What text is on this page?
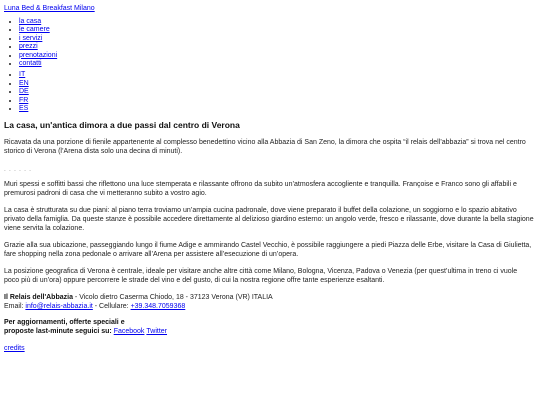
Luna Bed & Breakfast Milano
• la casa
• le camere
• i servizi
• prezzi
• prenotazioni
• contatti
• IT
• EN
• DE
• FR
• ES
La casa, un'antica dimora a due passi dal centro di Verona

Ricavata da una porzione di fienile appartenente al complesso benedettino vicino alla Abbazia di San Zeno, la dimora che ospita “il relais dell’abbazia” si trova nel centro storico di Verona (l’Arena dista solo una decina di minuti).

- - - - - -

Muri spessi e soffitti bassi che riflettono una luce stemperata e rilassante offrono da subito un’atmosfera accogliente e tranquilla. Françoise e Franco sono gli affabili e premurosi padroni di casa che vi metteranno subito a vostro agio.

La casa è strutturata su due piani: al piano terra troviamo un’ampia cucina padronale, dove viene preparato il buffet della colazione, un soggiorno e lo spazio abitativo privato della famiglia. Da queste stanze è possibile accedere direttamente al delizioso giardino esterno: un angolo verde, fresco e rilassante, dove durante la bella stagione viene servita la colazione.

Grazie alla sua ubicazione, passeggiando lungo il fiume Adige e ammirando Castel Vecchio, è possibile raggiungere a piedi Piazza delle Erbe, visitare la Casa di Giulietta, fare shopping nella zona pedonale o arrivare all’Arena per assistere all’esecuzione di un’opera.

La posizione geografica di Verona è centrale, ideale per visitare anche altre città come Milano, Bologna, Vicenza, Padova o Venezia (per quest’ultima in treno ci vuole poco più di un’ora) oppure percorrere le strade del vino e del gusto, di cui la nostra regione offre tante esperienze esaltanti.

Il Relais dell'Abbazia - Vicolo dietro Caserma Chiodo, 18 - 37123 Verona (VR) ITALIA
Email: info@relais-abbazia.it - Cellulare: +39.348.7059368
Per aggiornamenti, offerte speciali e
proposte last-minute seguici su: Facebook Twitter
credits
